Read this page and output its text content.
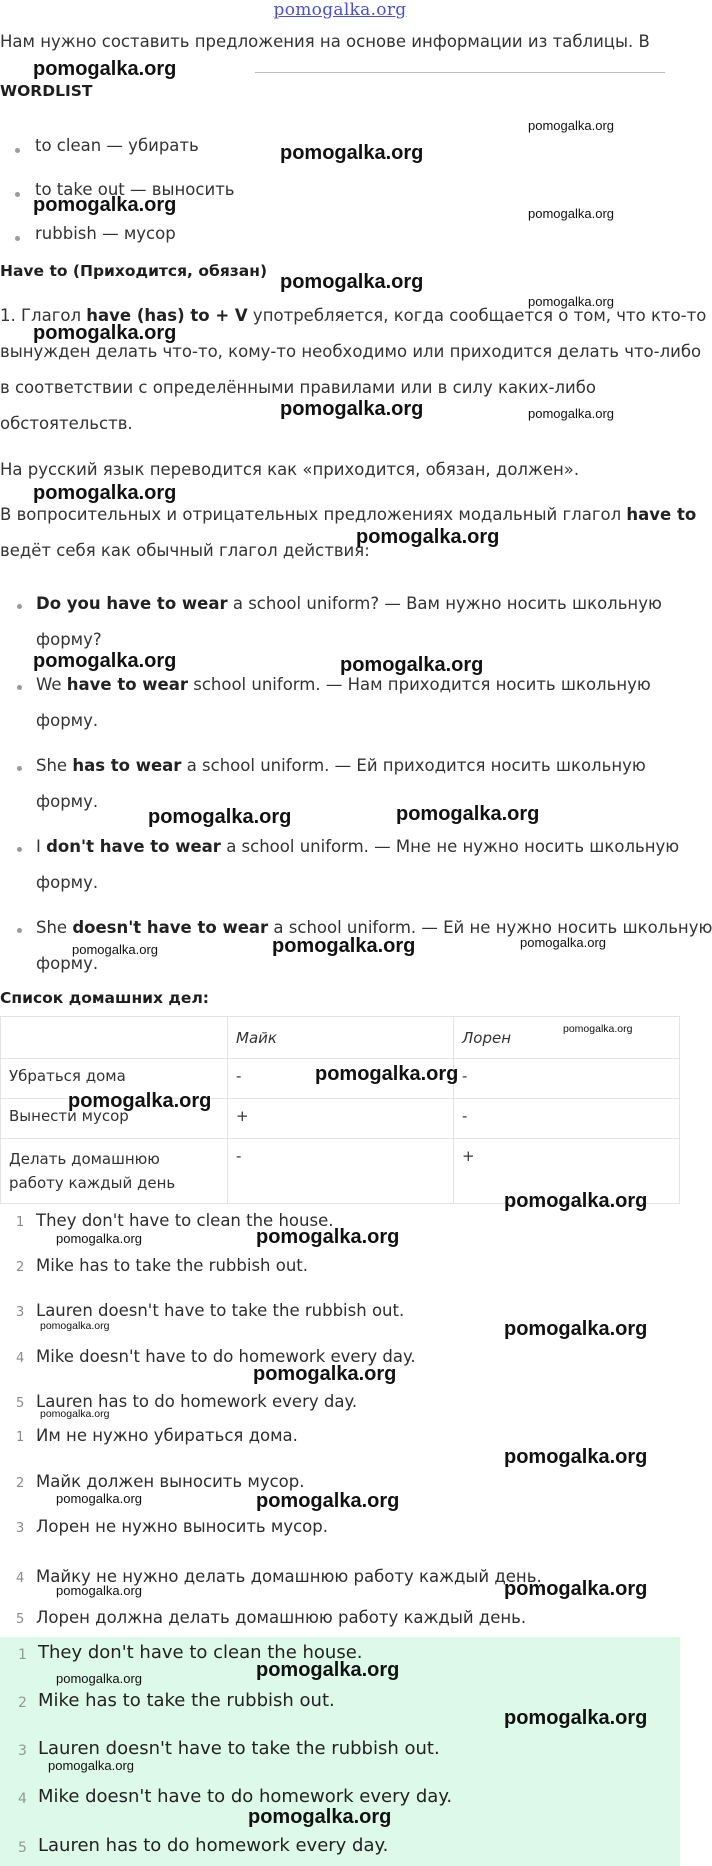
pomogalka.org
Нам нужно составить предложения на основе информации из таблицы. В
WORDLIST
to clean — убирать
to take out — выносить
rubbish — мусор
Have to (Приходится, обязан)
1. Глагол have (has) to + V употребляется, когда сообщается о том, что кто-то
вынужден делать что-то, кому-то необходимо или приходится делать что-либо
в соответствии с определёнными правилами или в силу каких-либо
обстоятельств.
На русский язык переводится как «приходится, обязан, должен».
В вопросительных и отрицательных предложениях модальный глагол have to
ведёт себя как обычный глагол действия:
Do you have to wear a school uniform? — Вам нужно носить школьную
форму?
We have to wear school uniform. — Нам приходится носить школьную
форму.
She has to wear a school uniform. — Ей приходится носить школьную
форму.
I don't have to wear a school uniform. — Мне не нужно носить школьную
форму.
She doesn't have to wear a school uniform. — Ей не нужно носить школьную
форму.
Список домашних дел:
	Майк	Лорен
Убраться дома	-	-
Вынести мусор	+	-
Делать домашнюю работу каждый день	-	+
1 They don't have to clean the house.
2 Mike has to take the rubbish out.
3 Lauren doesn't have to take the rubbish out.
4 Mike doesn't have to do homework every day.
5 Lauren has to do homework every day.
1 Им не нужно убираться дома.
2 Майк должен выносить мусор.
3 Лорен не нужно выносить мусор.
4 Майку не нужно делать домашнюю работу каждый день.
5 Лорен должна делать домашнюю работу каждый день.
1 They don't have to clean the house.
2 Mike has to take the rubbish out.
3 Lauren doesn't have to take the rubbish out.
4 Mike doesn't have to do homework every day.
5 Lauren has to do homework every day.
pomogalka.org
pomogalka.org
pomogalka.org
pomogalka.org	pomogalka.org
pomogalka.org
pomogalka.org
pomogalka.org
pomogalka.org	pomogalka.org
pomogalka.org
pomogalka.org
pomogalka.org	pomogalka.org
pomogalka.org	pomogalka.org
pomogalka.org	pomogalka.org	pomogalka.org
pomogalka.org
pomogalka.org
pomogalka.org
pomogalka.org
pomogalka.org	pomogalka.org
pomogalka.org	pomogalka.org
pomogalka.org
pomogalka.org
pomogalka.org
pomogalka.org	pomogalka.org
pomogalka.org	pomogalka.org
pomogalka.org
pomogalka.org
pomogalka.org
pomogalka.org
pomogalka.org
